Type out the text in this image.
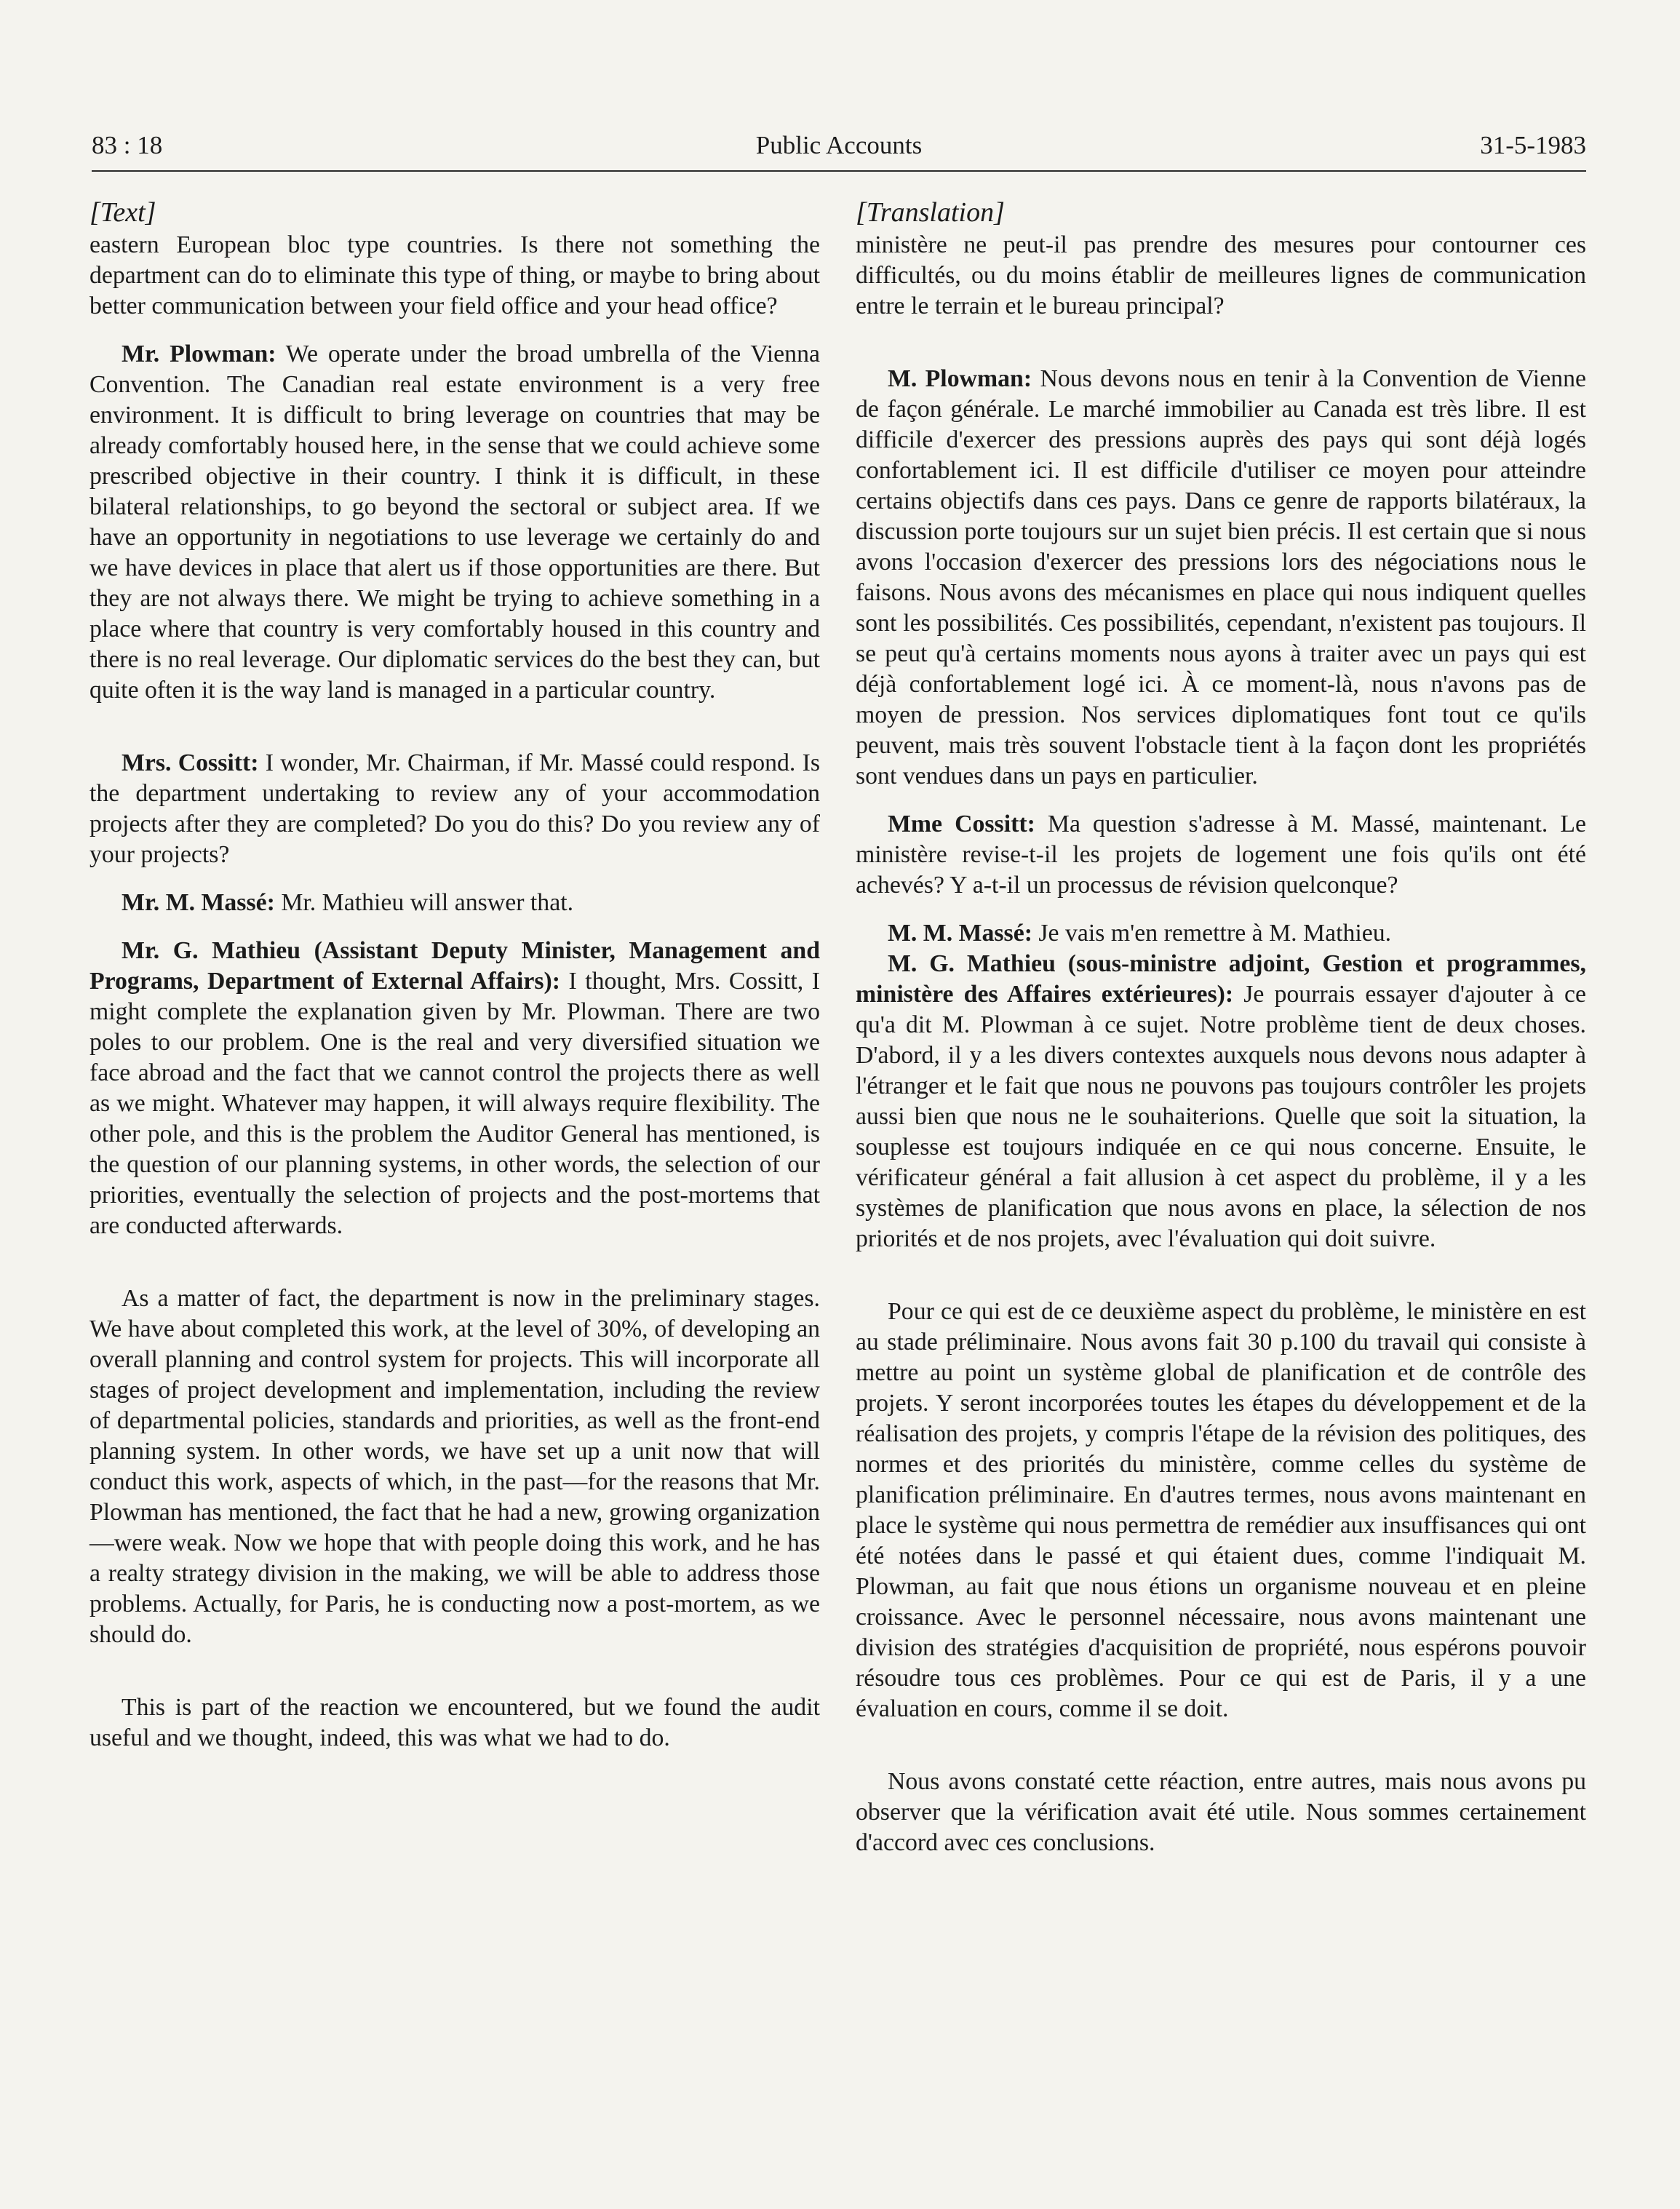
83 : 18	Public Accounts	31-5-1983
[Text]

eastern European bloc type countries. Is there not something the department can do to eliminate this type of thing, or maybe to bring about better communication between your field office and your head office?

Mr. Plowman: We operate under the broad umbrella of the Vienna Convention. The Canadian real estate environment is a very free environment. It is difficult to bring leverage on countries that may be already comfortably housed here, in the sense that we could achieve some prescribed objective in their country. I think it is difficult, in these bilateral relationships, to go beyond the sectoral or subject area. If we have an opportunity in negotiations to use leverage we certainly do and we have devices in place that alert us if those opportunities are there. But they are not always there. We might be trying to achieve something in a place where that country is very comfortably housed in this country and there is no real leverage. Our diplomatic services do the best they can, but quite often it is the way land is managed in a particular country.

Mrs. Cossitt: I wonder, Mr. Chairman, if Mr. Massé could respond. Is the department undertaking to review any of your accommodation projects after they are completed? Do you do this? Do you review any of your projects?

Mr. M. Massé: Mr. Mathieu will answer that.

Mr. G. Mathieu (Assistant Deputy Minister, Management and Programs, Department of External Affairs): I thought, Mrs. Cossitt, I might complete the explanation given by Mr. Plowman. There are two poles to our problem. One is the real and very diversified situation we face abroad and the fact that we cannot control the projects there as well as we might. Whatever may happen, it will always require flexibility. The other pole, and this is the problem the Auditor General has mentioned, is the question of our planning systems, in other words, the selection of our priorities, eventually the selection of projects and the post-mortems that are conducted afterwards.

As a matter of fact, the department is now in the preliminary stages. We have about completed this work, at the level of 30%, of developing an overall planning and control system for projects. This will incorporate all stages of project development and implementation, including the review of departmental policies, standards and priorities, as well as the front-end planning system. In other words, we have set up a unit now that will conduct this work, aspects of which, in the past—for the reasons that Mr. Plowman has mentioned, the fact that he had a new, growing organization—were weak. Now we hope that with people doing this work, and he has a realty strategy division in the making, we will be able to address those problems. Actually, for Paris, he is conducting now a post-mortem, as we should do.

This is part of the reaction we encountered, but we found the audit useful and we thought, indeed, this was what we had to do.

[Translation]

ministère ne peut-il pas prendre des mesures pour contourner ces difficultés, ou du moins établir de meilleures lignes de communication entre le terrain et le bureau principal?

M. Plowman: Nous devons nous en tenir à la Convention de Vienne de façon générale. Le marché immobilier au Canada est très libre. Il est difficile d'exercer des pressions auprès des pays qui sont déjà logés confortablement ici. Il est difficile d'utiliser ce moyen pour atteindre certains objectifs dans ces pays. Dans ce genre de rapports bilatéraux, la discussion porte toujours sur un sujet bien précis. Il est certain que si nous avons l'occasion d'exercer des pressions lors des négociations nous le faisons. Nous avons des mécanismes en place qui nous indiquent quelles sont les possibilités. Ces possibilités, cependant, n'existent pas toujours. Il se peut qu'à certains moments nous ayons à traiter avec un pays qui est déjà confortablement logé ici. À ce moment-là, nous n'avons pas de moyen de pression. Nos services diplomatiques font tout ce qu'ils peuvent, mais très souvent l'obstacle tient à la façon dont les propriétés sont vendues dans un pays en particulier.

Mme Cossitt: Ma question s'adresse à M. Massé, maintenant. Le ministère revise-t-il les projets de logement une fois qu'ils ont été achevés? Y a-t-il un processus de révision quelconque?

M. M. Massé: Je vais m'en remettre à M. Mathieu.

M. G. Mathieu (sous-ministre adjoint, Gestion et programmes, ministère des Affaires extérieures): Je pourrais essayer d'ajouter à ce qu'a dit M. Plowman à ce sujet. Notre problème tient de deux choses. D'abord, il y a les divers contextes auxquels nous devons nous adapter à l'étranger et le fait que nous ne pouvons pas toujours contrôler les projets aussi bien que nous ne le souhaiterions. Quelle que soit la situation, la souplesse est toujours indiquée en ce qui nous concerne. Ensuite, le vérificateur général a fait allusion à cet aspect du problème, il y a les systèmes de planification que nous avons en place, la sélection de nos priorités et de nos projets, avec l'évaluation qui doit suivre.

Pour ce qui est de ce deuxième aspect du problème, le ministère en est au stade préliminaire. Nous avons fait 30 p.100 du travail qui consiste à mettre au point un système global de planification et de contrôle des projets. Y seront incorporées toutes les étapes du développement et de la réalisation des projets, y compris l'étape de la révision des politiques, des normes et des priorités du ministère, comme celles du système de planification préliminaire. En d'autres termes, nous avons maintenant en place le système qui nous permettra de remédier aux insuffisances qui ont été notées dans le passé et qui étaient dues, comme l'indiquait M. Plowman, au fait que nous étions un organisme nouveau et en pleine croissance. Avec le personnel nécessaire, nous avons maintenant une division des stratégies d'acquisition de propriété, nous espérons pouvoir résoudre tous ces problèmes. Pour ce qui est de Paris, il y a une évaluation en cours, comme il se doit.

Nous avons constaté cette réaction, entre autres, mais nous avons pu observer que la vérification avait été utile. Nous sommes certainement d'accord avec ces conclusions.
